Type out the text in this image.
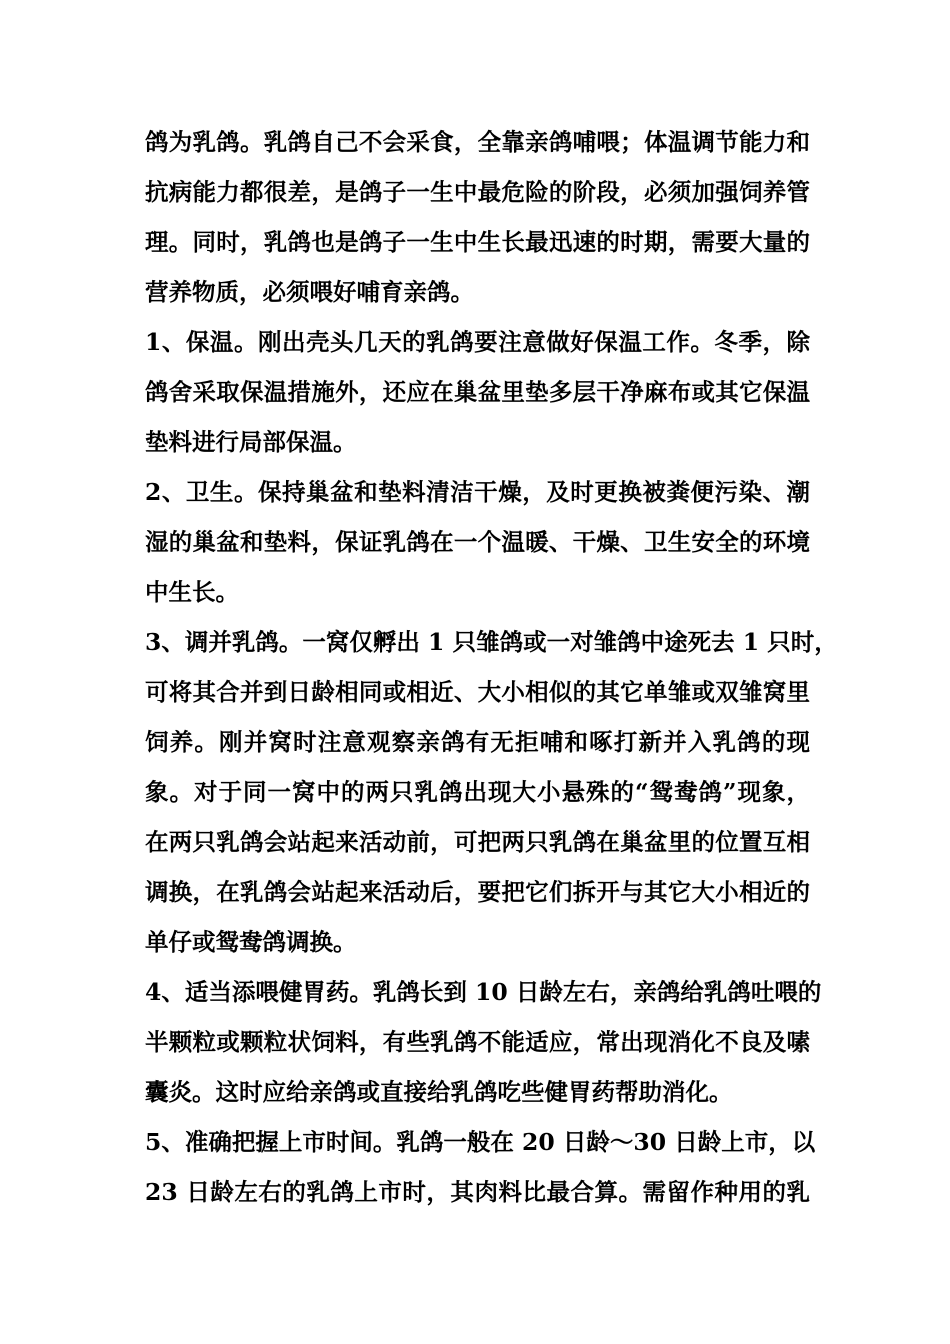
鸽为乳鸽。乳鸽自己不会采食，全靠亲鸽哺喂；体温调节能力和
抗病能力都很差，是鸽子一生中最危险的阶段，必须加强饲养管
理。同时，乳鸽也是鸽子一生中生长最迅速的时期，需要大量的
营养物质，必须喂好哺育亲鸽。
1、保温。刚出壳头几天的乳鸽要注意做好保温工作。冬季，除
鸽舍采取保温措施外，还应在巢盆里垫多层干净麻布或其它保温
垫料进行局部保温。
2、卫生。保持巢盆和垫料清洁干燥，及时更换被粪便污染、潮
湿的巢盆和垫料，保证乳鸽在一个温暖、干燥、卫生安全的环境
中生长。
3、调并乳鸽。一窝仅孵出 1 只雏鸽或一对雏鸽中途死去 1 只时，
可将其合并到日龄相同或相近、大小相似的其它单雏或双雏窝里
饲养。刚并窝时注意观察亲鸽有无拒哺和啄打新并入乳鸽的现
象。对于同一窝中的两只乳鸽出现大小悬殊的“鸳鸯鸽”现象，
在两只乳鸽会站起来活动前，可把两只乳鸽在巢盆里的位置互相
调换，在乳鸽会站起来活动后，要把它们拆开与其它大小相近的
单仔或鸳鸯鸽调换。
4、适当添喂健胃药。乳鸽长到 10 日龄左右，亲鸽给乳鸽吐喂的
半颗粒或颗粒状饲料，有些乳鸽不能适应，常出现消化不良及嗉
囊炎。这时应给亲鸽或直接给乳鸽吃些健胃药帮助消化。
5、准确把握上市时间。乳鸽一般在 20 日龄～30 日龄上市，以
23 日龄左右的乳鸽上市时，其肉料比最合算。需留作种用的乳
